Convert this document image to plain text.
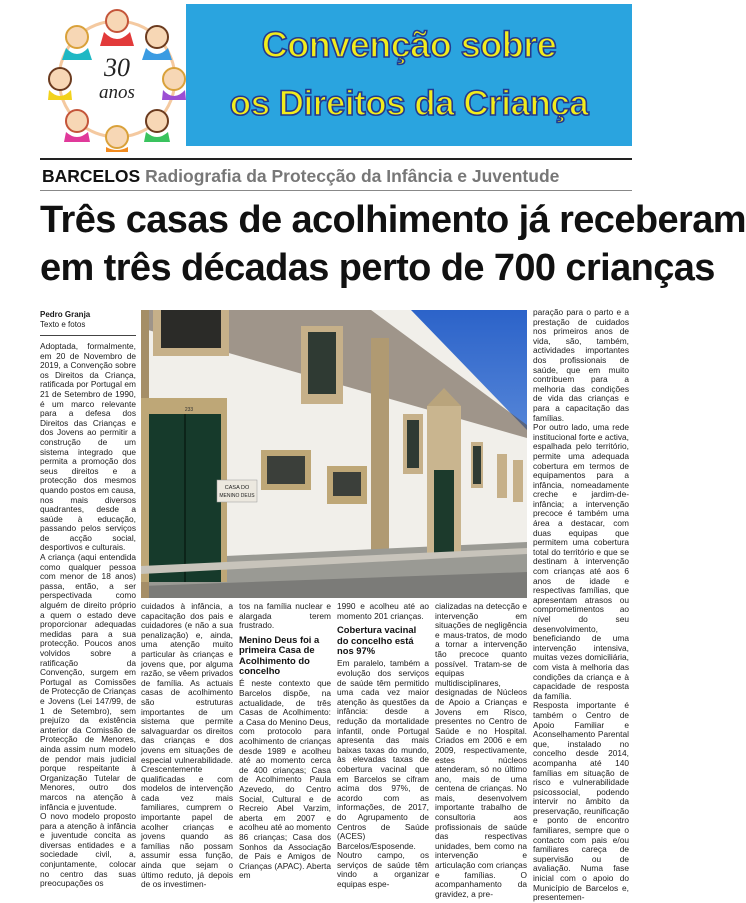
30
anos
Convenção sobre
os Direitos da Criança
BARCELOS Radiografia da Protecção da Infância e Juventude
Três casas de acolhimento já receberam
em três décadas perto de 700 crianças
Pedro Granja
Texto e fotos
CASA DO
MENINO DEUS
233

Adoptada, formalmente, em 20 de Novembro de 2019, a Convenção sobre os Direitos da Criança, ratificada por Portugal em 21 de Setembro de 1990, é um marco relevante para a defesa dos Direitos das Crianças e dos Jovens ao permitir a construção de um sistema integrado que permita a promoção dos seus direitos e a protecção dos mesmos quando postos em causa, nos mais diversos quadrantes, desde a saúde à educação, passando pelos serviços de acção social, desportivos e culturais.

A criança (aqui entendida como qualquer pessoa com menor de 18 anos) passa, então, a ser perspectivada como alguém de direito próprio a quem o estado deve proporcionar adequadas medidas para a sua protecção. Poucos anos volvidos sobre a ratificação da Convenção, surgem em Portugal as Comissões de Protecção de Crianças e Jovens (Lei 147/99, de 1 de Setembro), sem prejuízo da existência anterior da Comissão de Protecção de Menores, ainda assim num modelo de pendor mais judicial porque respeitante à Organização Tutelar de Menores, outro dos marcos na atenção à infância e juventude.

O novo modelo proposto para a atenção à infância e juventude concita as diversas entidades e a sociedade civil, a, conjuntamente, colocar no centro das suas preocupações os

cuidados à infância, a capacitação dos pais e cuidadores (e não a sua penalização) e, ainda, uma atenção muito particular às crianças e jovens que, por alguma razão, se vêem privados de família. As actuais casas de acolhimento são estruturas importantes de um sistema que permite salvaguardar os direitos das crianças e dos jovens em situações de especial vulnerabilidade. Crescentemente qualificadas e com modelos de intervenção cada vez mais familiares, cumprem o importante papel de acolher crianças e jovens quando as famílias não possam assumir essa função, ainda que sejam o último reduto, já depois de os investimen-

tos na família nuclear e alargada terem frustrado.

Menino Deus foi a primeira Casa de Acolhimento do concelho

É neste contexto que Barcelos dispõe, na actualidade, de três Casas de Acolhimento: a Casa do Menino Deus, com protocolo para acolhimento de crianças desde 1989 e acolheu até ao momento cerca de 400 crianças; Casa de Acolhimento Paula Azevedo, do Centro Social, Cultural e de Recreio Abel Varzim, aberta em 2007 e acolheu até ao momento 86 crianças; Casa dos Sonhos da Associação de Pais e Amigos de Crianças (APAC). Aberta em

1990 e acolheu até ao momento 201 crianças.

Cobertura vacinal do concelho está nos 97%

Em paralelo, também a evolução dos serviços de saúde têm permitido uma cada vez maior atenção às questões da infância: desde a redução da mortalidade infantil, onde Portugal apresenta das mais baixas taxas do mundo, às elevadas taxas de cobertura vacinal que em Barcelos se cifram acima dos 97%, de acordo com as informações, de 2017, do Agrupamento de Centros de Saúde (ACES) Barcelos/Esposende. Noutro campo, os serviços de saúde têm vindo a organizar equipas espe-

cializadas na detecção e intervenção em situações de negligência e maus-tratos, de modo a tornar a intervenção tão precoce quanto possível. Tratam-se de equipas multidisciplinares, designadas de Núcleos de Apoio a Crianças e Jovens em Risco, presentes no Centro de Saúde e no Hospital. Criados em 2006 e em 2009, respectivamente, estes núcleos atenderam, só no último ano, mais de uma centena de crianças. No mais, desenvolvem importante trabalho de consultoria aos profissionais de saúde das respectivas unidades, bem como na intervenção e articulação com crianças e famílias. O acompanhamento da gravidez, a pre-

paração para o parto e a prestação de cuidados nos primeiros anos de vida, são, também, actividades importantes dos profissionais de saúde, que em muito contribuem para a melhoria das condições de vida das crianças e para a capacitação das famílias.

Por outro lado, uma rede institucional forte e activa, espalhada pelo território, permite uma adequada cobertura em termos de equipamentos para a infância, nomeadamente creche e jardim-de-infância; a intervenção precoce é também uma área a destacar, com duas equipas que permitem uma cobertura total do território e que se destinam à intervenção com crianças até aos 6 anos de idade e respectivas famílias, que apresentam atrasos ou comprometimentos ao nível do seu desenvolvimento, beneficiando de uma intervenção intensiva, muitas vezes domiciliária, com vista à melhoria das condições da criança e à capacidade de resposta da família.

Resposta importante é também o Centro de Apoio Familiar e Aconselhamento Parental que, instalado no concelho desde 2014, acompanha até 140 famílias em situação de risco e vulnerabilidade psicossocial, podendo intervir no âmbito da preservação, reunificação e ponto de encontro familiares, sempre que o contacto com pais e/ou familiares careça de supervisão ou de avaliação. Numa fase inicial com o apoio do Município de Barcelos e, presentemen-
